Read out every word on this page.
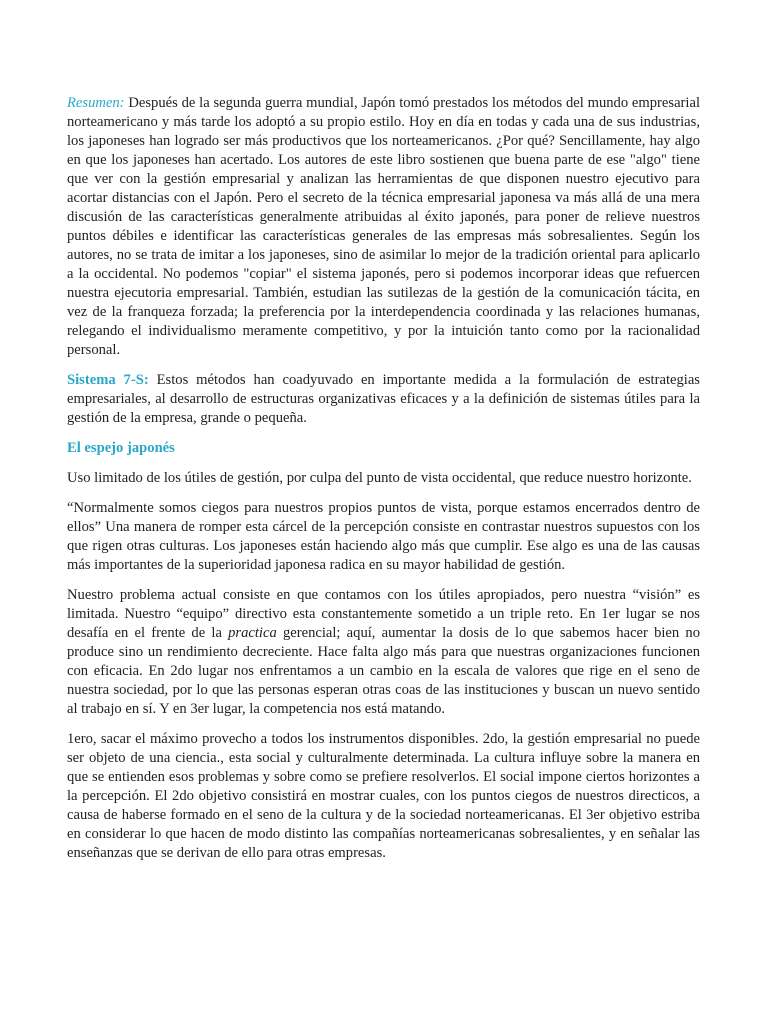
Resumen: Después de la segunda guerra mundial, Japón tomó prestados los métodos del mundo empresarial norteamericano y más tarde los adoptó a su propio estilo. Hoy en día en todas y cada una de sus industrias, los japoneses han logrado ser más productivos que los norteamericanos. ¿Por qué? Sencillamente, hay algo en que los japoneses han acertado. Los autores de este libro sostienen que buena parte de ese "algo" tiene que ver con la gestión empresarial y analizan las herramientas de que disponen nuestro ejecutivo para acortar distancias con el Japón. Pero el secreto de la técnica empresarial japonesa va más allá de una mera discusión de las características generalmente atribuidas al éxito japonés, para poner de relieve nuestros puntos débiles e identificar las características generales de las empresas más sobresalientes. Según los autores, no se trata de imitar a los japoneses, sino de asimilar lo mejor de la tradición oriental para aplicarlo a la occidental. No podemos "copiar" el sistema japonés, pero si podemos incorporar ideas que refuercen nuestra ejecutoria empresarial. También, estudian las sutilezas de la gestión de la comunicación tácita, en vez de la franqueza forzada; la preferencia por la interdependencia coordinada y las relaciones humanas, relegando el individualismo meramente competitivo, y por la intuición tanto como por la racionalidad personal.

Sistema 7-S: Estos métodos han coadyuvado en importante medida a la formulación de estrategias empresariales, al desarrollo de estructuras organizativas eficaces y a la definición de sistemas útiles para la gestión de la empresa, grande o pequeña.

El espejo japonés

Uso limitado de los útiles de gestión, por culpa del punto de vista occidental, que reduce nuestro horizonte.

“Normalmente somos ciegos para nuestros propios puntos de vista, porque estamos encerrados dentro de ellos” Una manera de romper esta cárcel de la percepción consiste en contrastar nuestros supuestos con los que rigen otras culturas. Los japoneses están haciendo algo más que cumplir. Ese algo es una de las causas más importantes de la superioridad japonesa radica en su mayor habilidad de gestión.

Nuestro problema actual consiste en que contamos con los útiles apropiados, pero nuestra “visión” es limitada. Nuestro “equipo” directivo esta constantemente sometido a un triple reto. En 1er lugar se nos desafía en el frente de la practica gerencial; aquí, aumentar la dosis de lo que sabemos hacer bien no produce sino un rendimiento decreciente. Hace falta algo más para que nuestras organizaciones funcionen con eficacia. En 2do lugar nos enfrentamos a un cambio en la escala de valores que rige en el seno de nuestra sociedad, por lo que las personas esperan otras coas de las instituciones y buscan un nuevo sentido al trabajo en sí. Y en 3er lugar, la competencia nos está matando.

1ero, sacar el máximo provecho a todos los instrumentos disponibles. 2do, la gestión empresarial no puede ser objeto de una ciencia., esta social y culturalmente determinada. La cultura influye sobre la manera en que se entienden esos problemas y sobre como se prefiere resolverlos. El social impone ciertos horizontes a la percepción. El 2do objetivo consistirá en mostrar cuales, con los puntos ciegos de nuestros directicos, a causa de haberse formado en el seno de la cultura y de la sociedad norteamericanas. El 3er objetivo estriba en considerar lo que hacen de modo distinto las compañías norteamericanas sobresalientes, y en señalar las enseñanzas que se derivan de ello para otras empresas.
